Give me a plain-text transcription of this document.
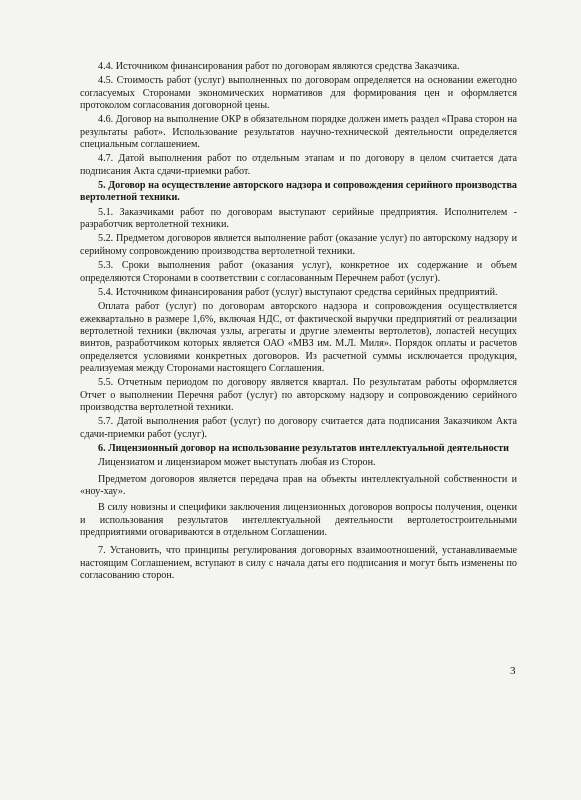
4.4. Источником финансирования работ по договорам являются средства Заказчика.

4.5. Стоимость работ (услуг) выполненных по договорам определяется на основании ежегодно согласуемых Сторонами экономических нормативов для формирования цен и оформляется протоколом согласования договорной цены.

4.6. Договор на выполнение ОКР в обязательном порядке должен иметь раздел «Права сторон на результаты работ». Использование результатов научно-технической деятельности определяется специальным соглашением.

4.7. Датой выполнения работ по отдельным этапам и по договору в целом считается дата подписания Акта сдачи-приемки работ.

5. Договор на осуществление авторского надзора и сопровождения серийного производства вертолетной техники.

5.1. Заказчиками работ по договорам выступают серийные предприятия. Исполнителем - разработчик вертолетной техники.

5.2. Предметом договоров является выполнение работ (оказание услуг) по авторскому надзору и серийному сопровождению производства вертолетной техники.

5.3. Сроки выполнения работ (оказания услуг), конкретное их содержание и объем определяются Сторонами в соответствии с согласованным Перечнем работ (услуг).

5.4. Источником финансирования работ (услуг) выступают средства серийных предприятий.

Оплата работ (услуг) по договорам авторского надзора и сопровождения осуществляется ежеквартально в размере 1,6%, включая НДС, от фактической выручки предприятий от реализации вертолетной техники (включая узлы, агрегаты и другие элементы вертолетов), лопастей несущих винтов, разработчиком которых является ОАО «МВЗ им. М.Л. Миля». Порядок оплаты и расчетов определяется условиями конкретных договоров. Из расчетной суммы исключается продукция, реализуемая между Сторонами настоящего Соглашения.

5.5. Отчетным периодом по договору является квартал. По результатам работы оформляется Отчет о выполнении Перечня работ (услуг) по авторскому надзору и сопровождению серийного производства вертолетной техники.

5.7. Датой выполнения работ (услуг) по договору считается дата подписания Заказчиком Акта сдачи-приемки работ (услуг).

6. Лицензионный договор на использование результатов интеллектуальной деятельности

Лицензиатом и лицензиаром может выступать любая из Сторон.

Предметом договоров является передача прав на объекты интеллектуальной собственности и «ноу-хау».

В силу новизны и специфики заключения лицензионных договоров вопросы получения, оценки и использования результатов интеллектуальной деятельности вертолетостроительными предприятиями оговариваются в отдельном Соглашении.

7. Установить, что принципы регулирования договорных взаимоотношений, устанавливаемые настоящим Соглашением, вступают в силу с начала даты его подписания и могут быть изменены по согласованию сторон.

3
